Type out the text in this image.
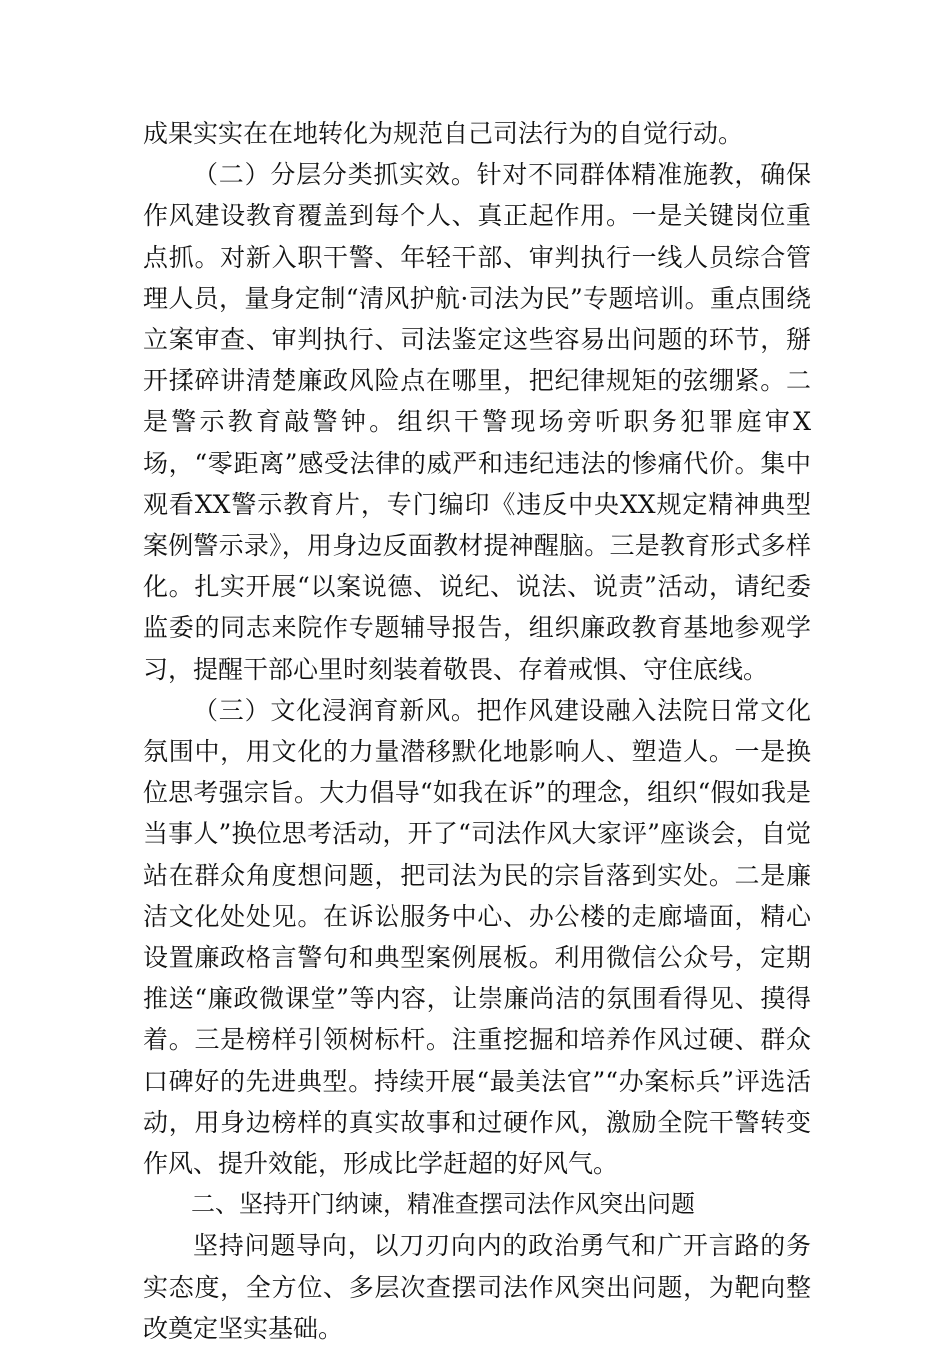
成果实实在在地转化为规范自己司法行为的自觉行动。

（二）分层分类抓实效。针对不同群体精准施教，确保作风建设教育覆盖到每个人、真正起作用。一是关键岗位重点抓。对新入职干警、年轻干部、审判执行一线人员综合管理人员，量身定制“清风护航·司法为民”专题培训。重点围绕立案审查、审判执行、司法鉴定这些容易出问题的环节，掰开揉碎讲清楚廉政风险点在哪里，把纪律规矩的弦绷紧。二是警示教育敲警钟。组织干警现场旁听职务犯罪庭审X场，“零距离”感受法律的威严和违纪违法的惨痛代价。集中观看XX警示教育片，专门编印《违反中央XX规定精神典型案例警示录》，用身边反面教材提神醒脑。三是教育形式多样化。扎实开展“以案说德、说纪、说法、说责”活动，请纪委监委的同志来院作专题辅导报告，组织廉政教育基地参观学习，提醒干部心里时刻装着敬畏、存着戒惧、守住底线。

（三）文化浸润育新风。把作风建设融入法院日常文化氛围中，用文化的力量潜移默化地影响人、塑造人。一是换位思考强宗旨。大力倡导“如我在诉”的理念，组织“假如我是当事人”换位思考活动，开了“司法作风大家评”座谈会，自觉站在群众角度想问题，把司法为民的宗旨落到实处。二是廉洁文化处处见。在诉讼服务中心、办公楼的走廊墙面，精心设置廉政格言警句和典型案例展板。利用微信公众号，定期推送“廉政微课堂”等内容，让崇廉尚洁的氛围看得见、摸得着。三是榜样引领树标杆。注重挖掘和培养作风过硬、群众口碑好的先进典型。持续开展“最美法官”“办案标兵”评选活动，用身边榜样的真实故事和过硬作风，激励全院干警转变作风、提升效能，形成比学赶超的好风气。

二、坚持开门纳谏，精准查摆司法作风突出问题

坚持问题导向，以刀刃向内的政治勇气和广开言路的务实态度，全方位、多层次查摆司法作风突出问题，为靶向整改奠定坚实基础。
